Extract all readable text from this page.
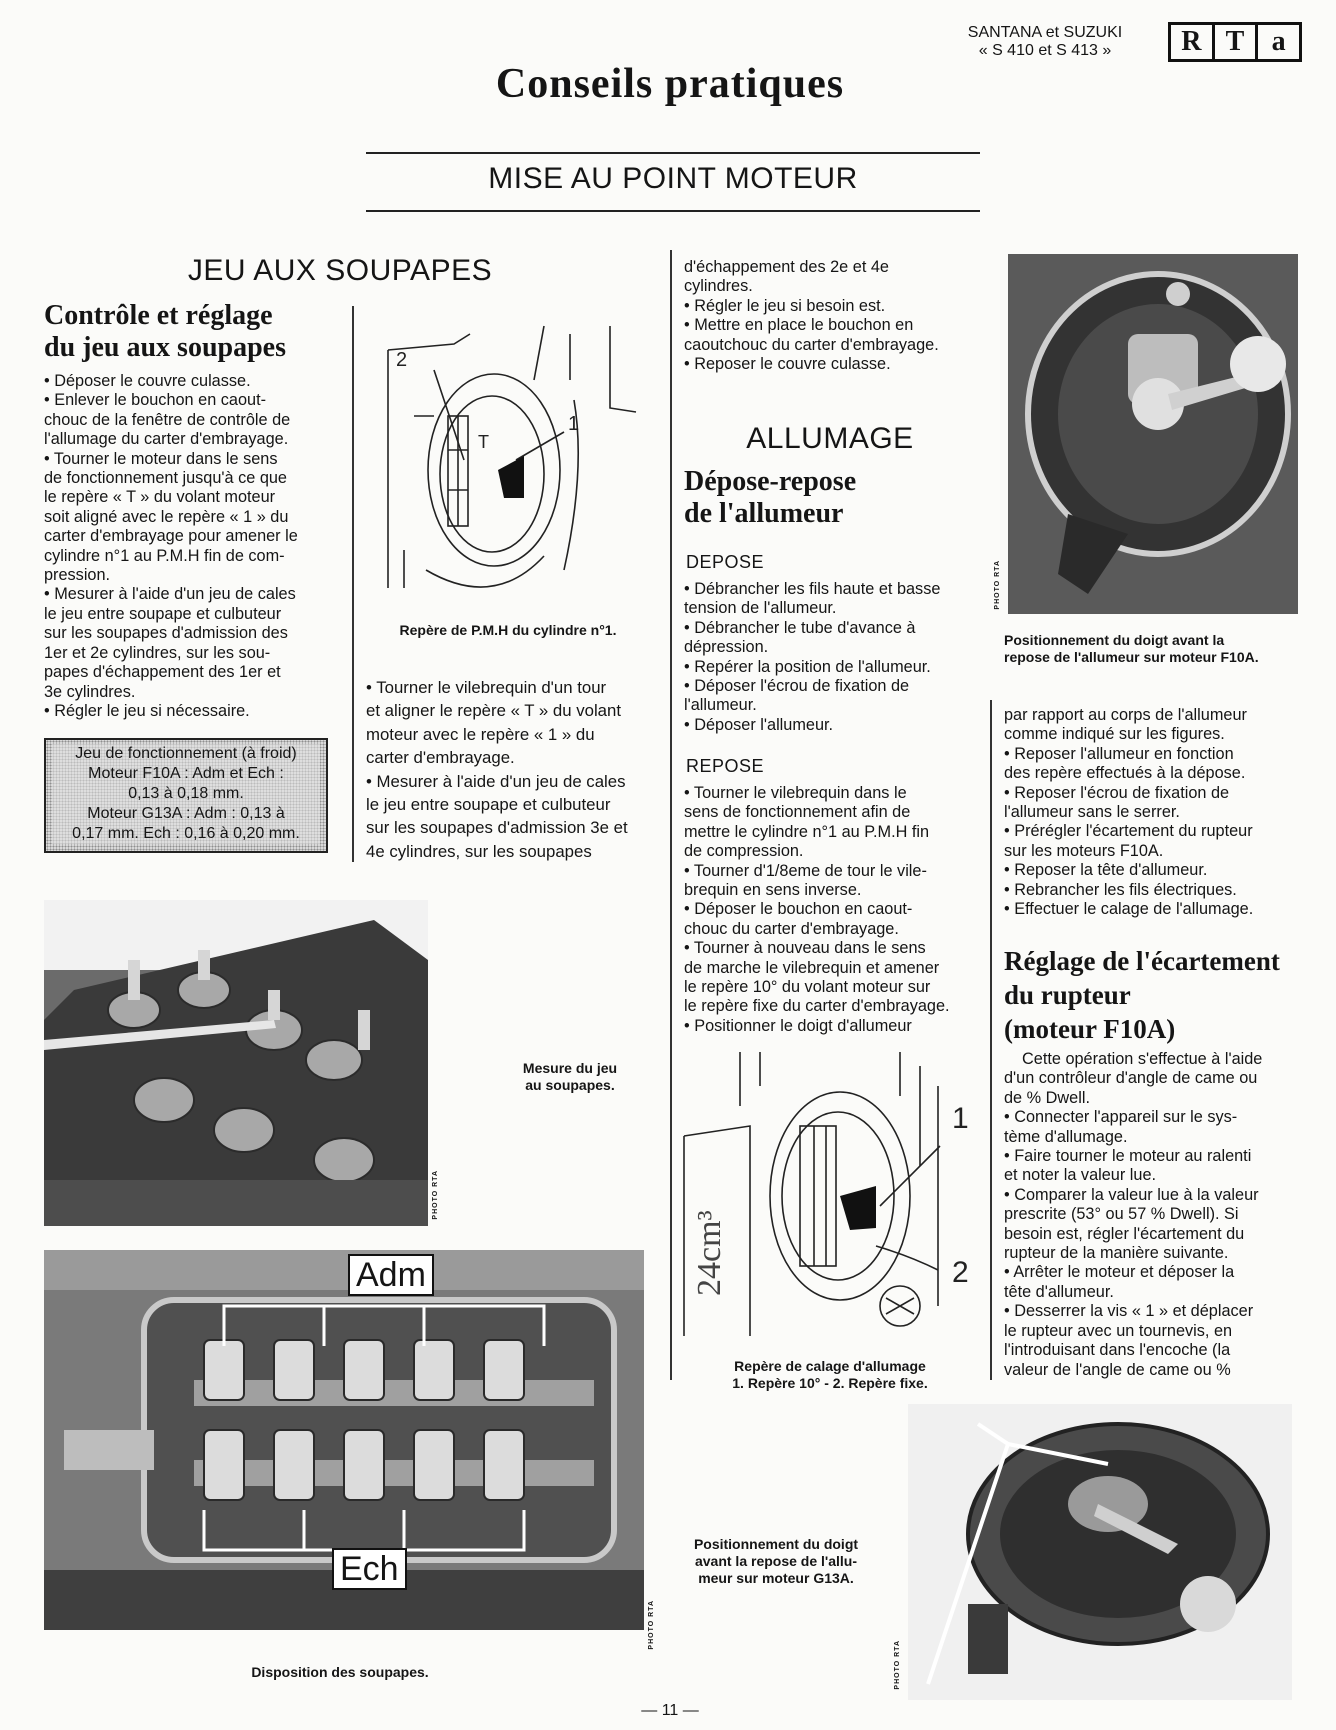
SANTANA et SUZUKI
« S 410 et S 413 »	R T a
Conseils pratiques
MISE AU POINT MOTEUR
JEU AUX SOUPAPES
Contrôle et réglage
du jeu aux soupapes

• Déposer le couvre culasse.

• Enlever le bouchon en caout-

chouc de la fenêtre de contrôle de

l'allumage du carter d'embrayage.

• Tourner le moteur dans le sens

de fonctionnement jusqu'à ce que

le repère « T » du volant moteur

soit aligné avec le repère « 1 » du

carter d'embrayage pour amener le

cylindre n°1 au P.M.H fin de com-

pression.

• Mesurer à l'aide d'un jeu de cales

le jeu entre soupape et culbuteur

sur les soupapes d'admission des

1er et 2e cylindres, sur les sou-

papes d'échappement des 1er et

3e cylindres.

• Régler le jeu si nécessaire.

Jeu de fonctionnement (à froid)
Moteur F10A : Adm et Ech :
0,13 à 0,18 mm.
Moteur G13A : Adm : 0,13 à
0,17 mm. Ech : 0,16 à 0,20 mm.
2
T
1
Repère de P.M.H du cylindre n°1.

• Tourner le vilebrequin d'un tour

et aligner le repère « T » du volant

moteur avec le repère « 1 » du

carter d'embrayage.

• Mesurer à l'aide d'un jeu de cales

le jeu entre soupape et culbuteur

sur les soupapes d'admission 3e et

4e cylindres, sur les soupapes

PHOTO RTA
Mesure du jeu
au soupapes.
Adm
Ech
PHOTO RTA
Disposition des soupapes.

d'échappement des 2e et 4e

cylindres.

• Régler le jeu si besoin est.

• Mettre en place le bouchon en

caoutchouc du carter d'embrayage.

• Reposer le couvre culasse.

ALLUMAGE
Dépose-repose
de l'allumeur
DEPOSE

• Débrancher les fils haute et basse

tension de l'allumeur.

• Débrancher le tube d'avance à

dépression.

• Repérer la position de l'allumeur.

• Déposer l'écrou de fixation de

l'allumeur.

• Déposer l'allumeur.

REPOSE

• Tourner le vilebrequin dans le

sens de fonctionnement afin de

mettre le cylindre n°1 au P.M.H fin

de compression.

• Tourner d'1/8eme de tour le vile-

brequin en sens inverse.

• Déposer le bouchon en caout-

chouc du carter d'embrayage.

• Tourner à nouveau dans le sens

de marche le vilebrequin et amener

le repère 10° du volant moteur sur

le repère fixe du carter d'embrayage.

• Positionner le doigt d'allumeur

24cm³
1
2
Repère de calage d'allumage
1. Repère 10° - 2. Repère fixe.
Positionnement du doigt
avant la repose de l'allu-
meur sur moteur G13A.
PHOTO RTA
PHOTO RTA
Positionnement du doigt avant la
repose de l'allumeur sur moteur F10A.

par rapport au corps de l'allumeur

comme indiqué sur les figures.

• Reposer l'allumeur en fonction

des repère effectués à la dépose.

• Reposer l'écrou de fixation de

l'allumeur sans le serrer.

• Prérégler l'écartement du rupteur

sur les moteurs F10A.

• Reposer la tête d'allumeur.

• Rebrancher les fils électriques.

• Effectuer le calage de l'allumage.

Réglage de l'écartement
du rupteur
(moteur F10A)

Cette opération s'effectue à l'aide

d'un contrôleur d'angle de came ou

de % Dwell.

• Connecter l'appareil sur le sys-

tème d'allumage.

• Faire tourner le moteur au ralenti

et noter la valeur lue.

• Comparer la valeur lue à la valeur

prescrite (53° ou 57 % Dwell). Si

besoin est, régler l'écartement du

rupteur de la manière suivante.

• Arrêter le moteur et déposer la

tête d'allumeur.

• Desserrer la vis « 1 » et déplacer

le rupteur avec un tournevis, en

l'introduisant dans l'encoche (la

valeur de l'angle de came ou %

— 11 —
